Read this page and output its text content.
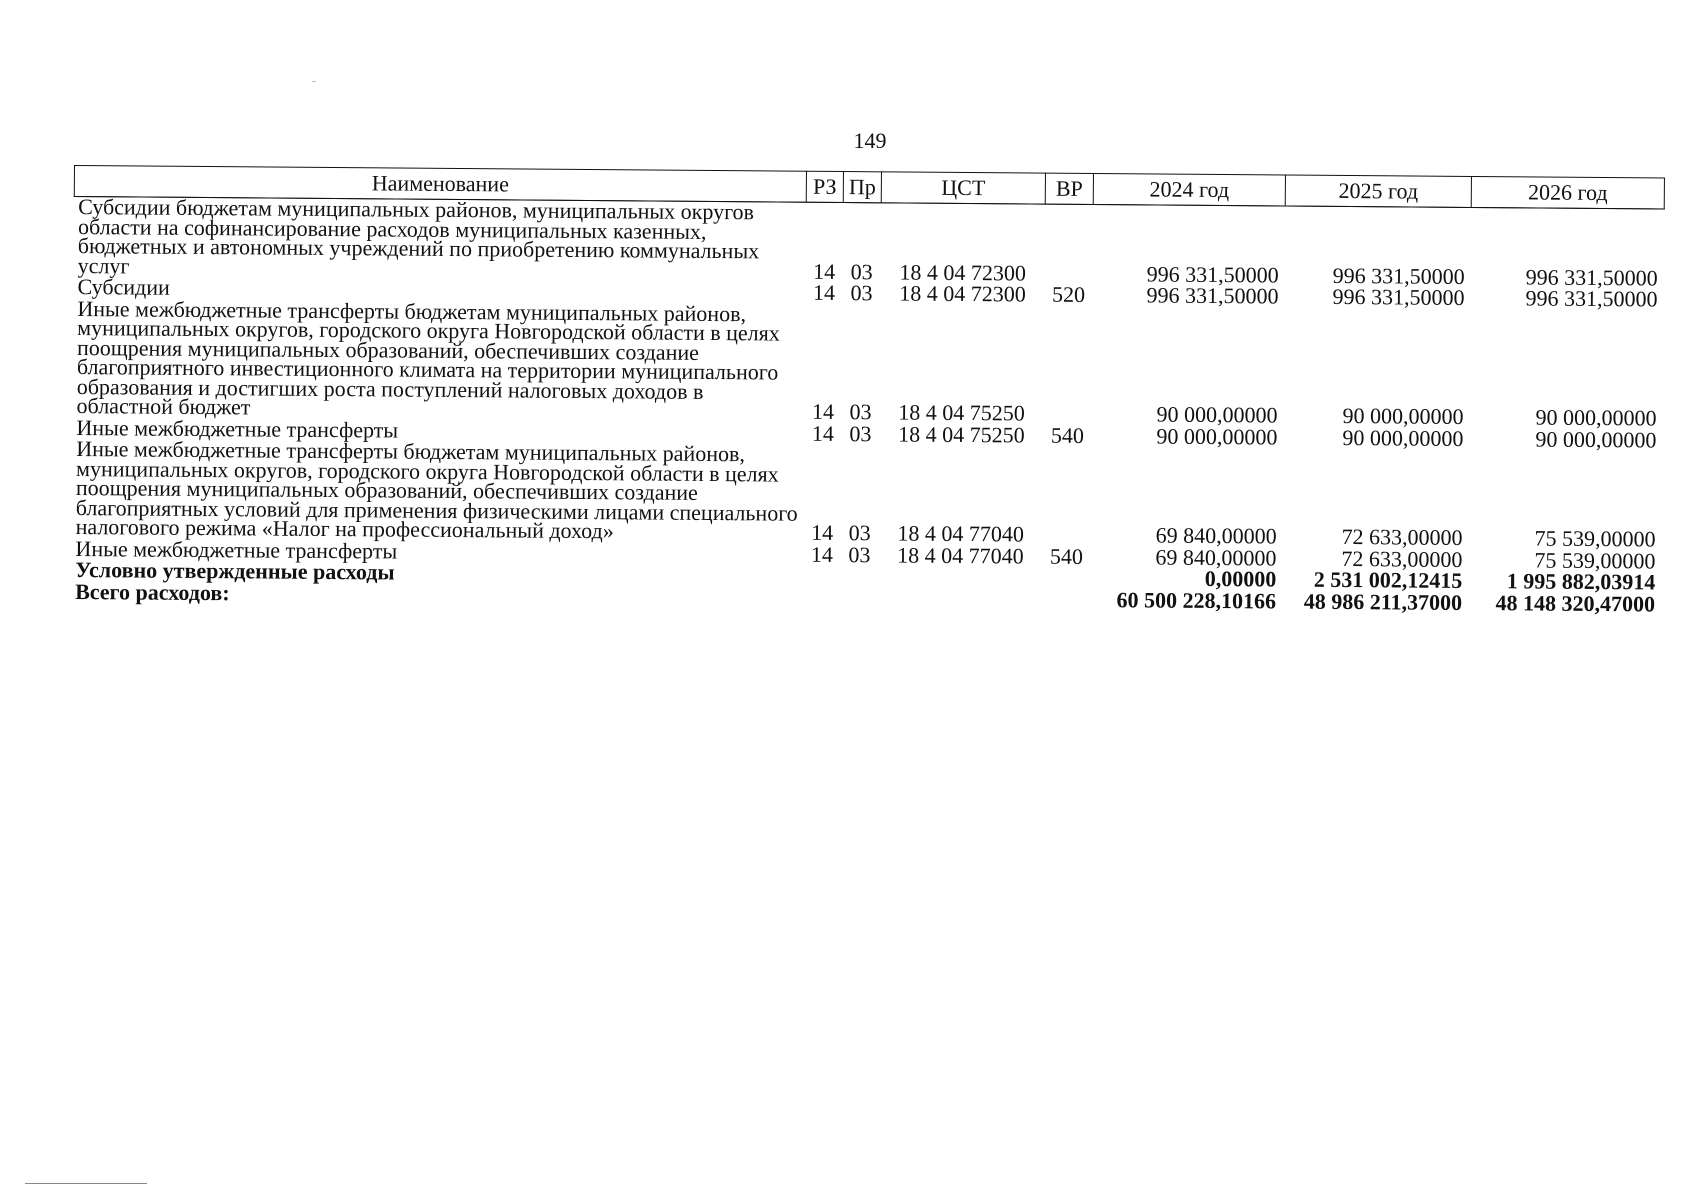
149
Наименование	РЗ	Пр	ЦСТ	ВР	2024 год	2025 год	2026 год
Субсидии бюджетам муниципальных районов, муниципальных округов области на софинансирование расходов муниципальных казенных, бюджетных и автономных учреждений по приобретению коммунальных услуг	14	03	18 4 04 72300		996 331,50000	996 331,50000	996 331,50000
Субсидии	14	03	18 4 04 72300	520	996 331,50000	996 331,50000	996 331,50000
Иные межбюджетные трансферты бюджетам муниципальных районов, муниципальных округов, городского округа Новгородской области в целях поощрения муниципальных образований, обеспечивших создание благоприятного инвестиционного климата на территории муниципального образования и достигших роста поступлений налоговых доходов в областной бюджет	14	03	18 4 04 75250		90 000,00000	90 000,00000	90 000,00000
Иные межбюджетные трансферты	14	03	18 4 04 75250	540	90 000,00000	90 000,00000	90 000,00000
Иные межбюджетные трансферты бюджетам муниципальных районов, муниципальных округов, городского округа Новгородской области в целях поощрения муниципальных образований, обеспечивших создание благоприятных условий для применения физическими лицами специального налогового режима «Налог на профессиональный доход»	14	03	18 4 04 77040		69 840,00000	72 633,00000	75 539,00000
Иные межбюджетные трансферты	14	03	18 4 04 77040	540	69 840,00000	72 633,00000	75 539,00000
Условно утвержденные расходы					0,00000	2 531 002,12415	1 995 882,03914
Всего расходов:					60 500 228,10166	48 986 211,37000	48 148 320,47000
